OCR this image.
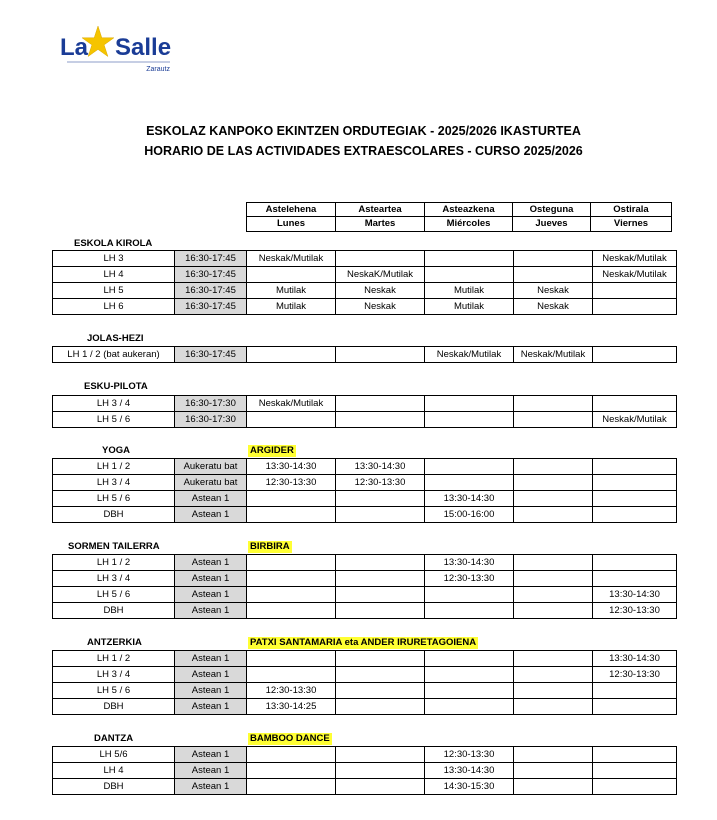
La Salle
Zarautz
ESKOLAZ KANPOKO EKINTZEN ORDUTEGIAK - 2025/2026 IKASTURTEA
HORARIO DE LAS ACTIVIDADES EXTRAESCOLARES - CURSO 2025/2026
Astelehena	Asteartea	Asteazkena	Osteguna	Ostirala
Lunes	Martes	Miércoles	Jueves	Viernes
ESKOLA KIROLA
LH 3	16:30-17:45	Neskak/Mutilak				Neskak/Mutilak
LH 4	16:30-17:45		NeskaK/Mutilak			Neskak/Mutilak
LH 5	16:30-17:45	Mutilak	Neskak	Mutilak	Neskak	
LH 6	16:30-17:45	Mutilak	Neskak	Mutilak	Neskak	
JOLAS-HEZI
LH 1 / 2 (bat aukeran)	16:30-17:45			Neskak/Mutilak	Neskak/Mutilak	
ESKU-PILOTA
LH 3 / 4	16:30-17:30	Neskak/Mutilak				
LH 5 / 6	16:30-17:30					Neskak/Mutilak
YOGA	ARGIDER
LH 1 / 2	Aukeratu bat	13:30-14:30	13:30-14:30			
LH 3 / 4	Aukeratu bat	12:30-13:30	12:30-13:30			
LH 5 / 6	Astean 1			13:30-14:30		
DBH	Astean 1			15:00-16:00		
SORMEN TAILERRA	BIRBIRA
LH 1 / 2	Astean 1			13:30-14:30		
LH 3 / 4	Astean 1			12:30-13:30		
LH 5 / 6	Astean 1					13:30-14:30
DBH	Astean 1					12:30-13:30
ANTZERKIA	PATXI SANTAMARIA eta ANDER IRURETAGOIENA
LH 1 / 2	Astean 1					13:30-14:30
LH 3 / 4	Astean 1					12:30-13:30
LH 5 / 6	Astean 1	12:30-13:30				
DBH	Astean 1	13:30-14:25				
DANTZA	BAMBOO DANCE
LH 5/6	Astean 1			12:30-13:30		
LH 4	Astean 1			13:30-14:30		
DBH	Astean 1			14:30-15:30		
